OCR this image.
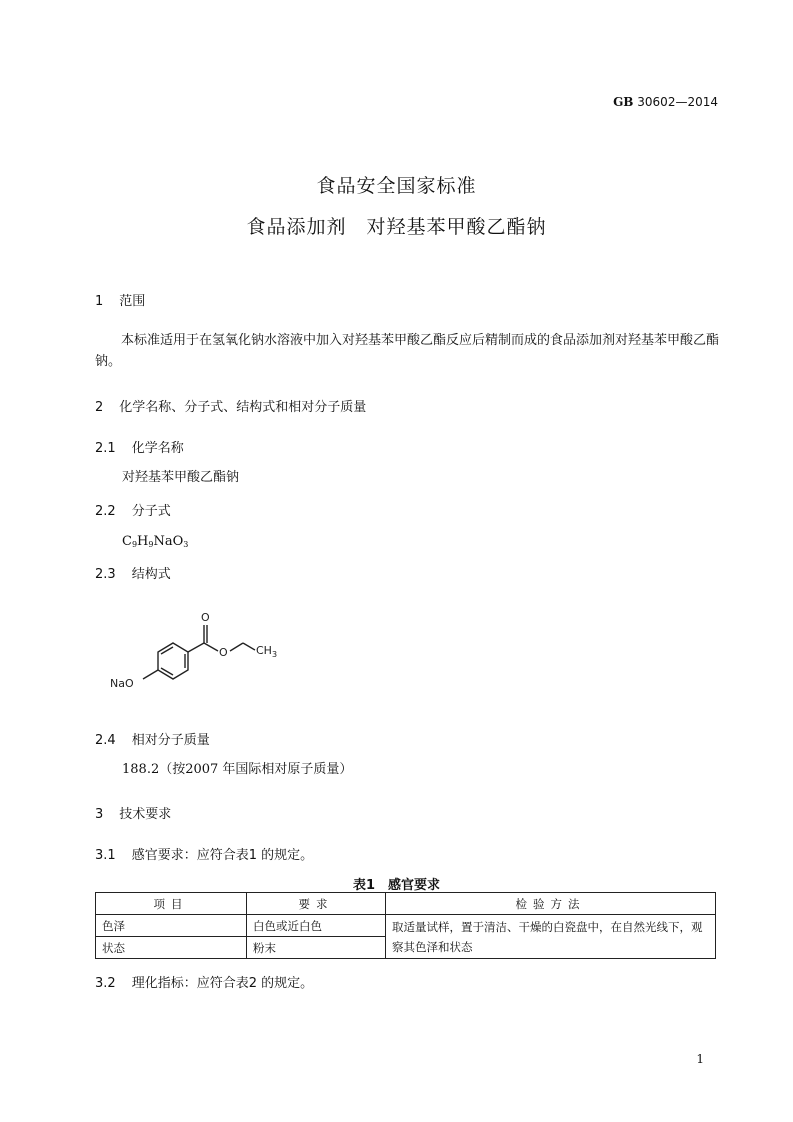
GB 30602—2014
食品安全国家标准
食品添加剂　对羟基苯甲酸乙酯钠
1 范围
本标准适用于在氢氧化钠水溶液中加入对羟基苯甲酸乙酯反应后精制而成的食品添加剂对羟基苯甲酸乙酯钠。
2 化学名称、分子式、结构式和相对分子质量
2.1 化学名称
对羟基苯甲酸乙酯钠
2.2 分子式
$C_9H_9NaO_3$
2.3 结构式
O
O	$CH_3$
NaO
2.4 相对分子质量
188.2（按2007 年国际相对原子质量）
3 技术要求
3.1 感官要求：应符合表1 的规定。
表1　感官要求
项目	要求	检验方法
色泽	白色或近白色	取适量试样，置于清洁、干燥的白瓷盘中，在自然光线下，观察其色泽和状态
状态	粉末	
3.2 理化指标：应符合表2 的规定。
1
